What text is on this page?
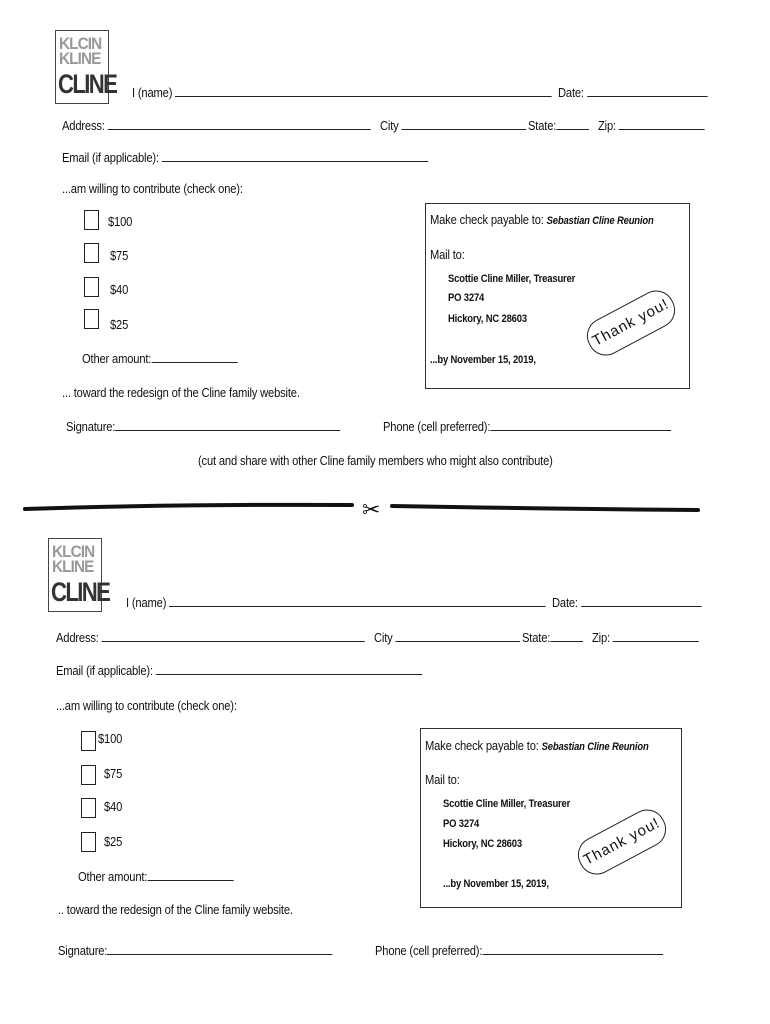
KLCIN
KLINE
CLINE I (name)	Date:
Address:	City	State:	Zip:
Email (if applicable):
...am willing to contribute (check one):
$100
$75
$40
$25
Other amount:
Make check payable to: Sebastian Cline Reunion
Mail to:
Scottie Cline Miller, Treasurer
PO 3274
Hickory, NC 28603
...by November 15, 2019,
Thank you!
... toward the redesign of the Cline family website.
Signature:	Phone (cell preferred):
(cut and share with other Cline family members who might also contribute)
✂
KLCIN
KLINE
CLINE I (name)	Date:
Address:	City	State:	Zip:
Email (if applicable):
...am willing to contribute (check one):
$100
$75
$40
$25
Other amount:
Make check payable to: Sebastian Cline Reunion
Mail to:
Scottie Cline Miller, Treasurer
PO 3274
Hickory, NC 28603
...by November 15, 2019,
Thank you!
.. toward the redesign of the Cline family website.
Signature:	Phone (cell preferred):
